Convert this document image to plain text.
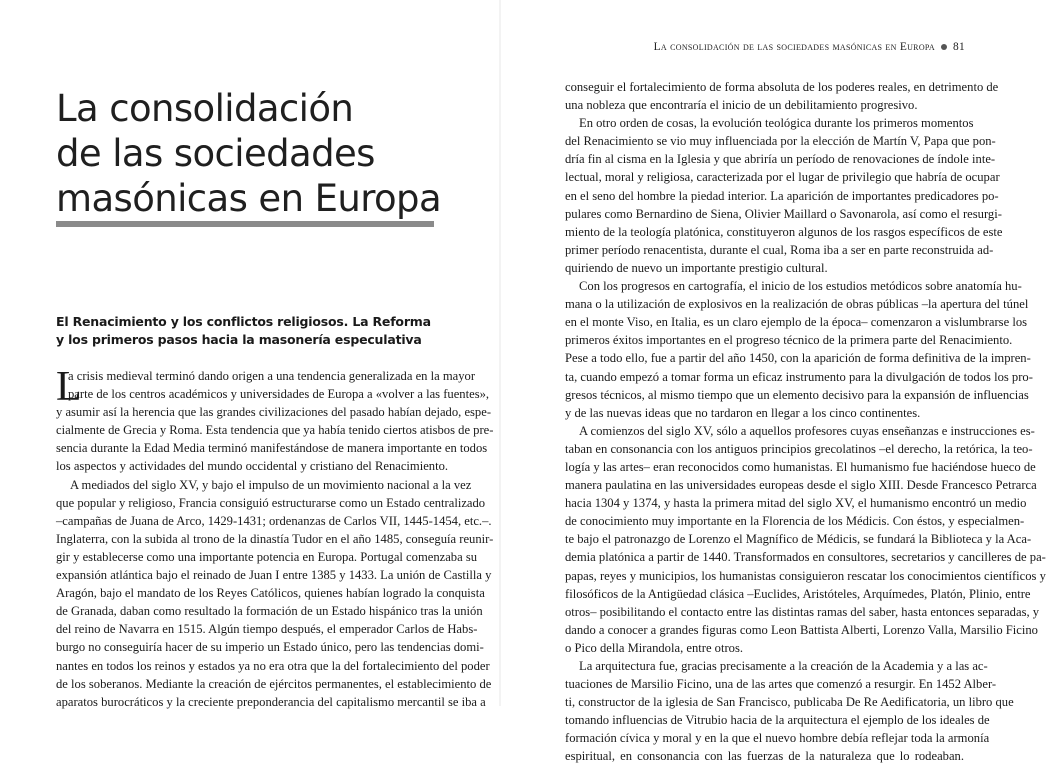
La consolidación de las sociedades masónicas en Europa 81
La consolidación
de las sociedades
masónicas en Europa
El Renacimiento y los conflictos religiosos. La Reforma
y los primeros pasos hacia la masonería especulativa
L
a crisis medieval terminó dando origen a una tendencia generalizada en la mayor
parte de los centros académicos y universidades de Europa a «volver a las fuentes»,
y asumir así la herencia que las grandes civilizaciones del pasado habían dejado, espe-
cialmente de Grecia y Roma. Esta tendencia que ya había tenido ciertos atisbos de pre-
sencia durante la Edad Media terminó manifestándose de manera importante en todos
los aspectos y actividades del mundo occidental y cristiano del Renacimiento.
A mediados del siglo XV, y bajo el impulso de un movimiento nacional a la vez
que popular y religioso, Francia consiguió estructurarse como un Estado centralizado
–campañas de Juana de Arco, 1429-1431; ordenanzas de Carlos VII, 1445-1454, etc.–.
Inglaterra, con la subida al trono de la dinastía Tudor en el año 1485, conseguía reunir-
gir y establecerse como una importante potencia en Europa. Portugal comenzaba su
expansión atlántica bajo el reinado de Juan I entre 1385 y 1433. La unión de Castilla y
Aragón, bajo el mandato de los Reyes Católicos, quienes habían logrado la conquista
de Granada, daban como resultado la formación de un Estado hispánico tras la unión
del reino de Navarra en 1515. Algún tiempo después, el emperador Carlos de Habs-
burgo no conseguiría hacer de su imperio un Estado único, pero las tendencias domi-
nantes en todos los reinos y estados ya no era otra que la del fortalecimiento del poder
de los soberanos. Mediante la creación de ejércitos permanentes, el establecimiento de
aparatos burocráticos y la creciente preponderancia del capitalismo mercantil se iba a
conseguir el fortalecimiento de forma absoluta de los poderes reales, en detrimento de
una nobleza que encontraría el inicio de un debilitamiento progresivo.
En otro orden de cosas, la evolución teológica durante los primeros momentos
del Renacimiento se vio muy influenciada por la elección de Martín V, Papa que pon-
dría fin al cisma en la Iglesia y que abriría un período de renovaciones de índole inte-
lectual, moral y religiosa, caracterizada por el lugar de privilegio que habría de ocupar
en el seno del hombre la piedad interior. La aparición de importantes predicadores po-
pulares como Bernardino de Siena, Olivier Maillard o Savonarola, así como el resurgi-
miento de la teología platónica, constituyeron algunos de los rasgos específicos de este
primer período renacentista, durante el cual, Roma iba a ser en parte reconstruida ad-
quiriendo de nuevo un importante prestigio cultural.
Con los progresos en cartografía, el inicio de los estudios metódicos sobre anatomía hu-
mana o la utilización de explosivos en la realización de obras públicas –la apertura del túnel
en el monte Viso, en Italia, es un claro ejemplo de la época– comenzaron a vislumbrarse los
primeros éxitos importantes en el progreso técnico de la primera parte del Renacimiento.
Pese a todo ello, fue a partir del año 1450, con la aparición de forma definitiva de la impren-
ta, cuando empezó a tomar forma un eficaz instrumento para la divulgación de todos los pro-
gresos técnicos, al mismo tiempo que un elemento decisivo para la expansión de influencias
y de las nuevas ideas que no tardaron en llegar a los cinco continentes.
A comienzos del siglo XV, sólo a aquellos profesores cuyas enseñanzas e instrucciones es-
taban en consonancia con los antiguos principios grecolatinos –el derecho, la retórica, la teo-
logía y las artes– eran reconocidos como humanistas. El humanismo fue haciéndose hueco de
manera paulatina en las universidades europeas desde el siglo XIII. Desde Francesco Petrarca
hacia 1304 y 1374, y hasta la primera mitad del siglo XV, el humanismo encontró un medio
de conocimiento muy importante en la Florencia de los Médicis. Con éstos, y especialmen-
te bajo el patronazgo de Lorenzo el Magnífico de Médicis, se fundará la Biblioteca y la Aca-
demia platónica a partir de 1440. Transformados en consultores, secretarios y cancilleres de pa-
papas, reyes y municipios, los humanistas consiguieron rescatar los conocimientos científicos y
filosóficos de la Antigüedad clásica –Euclides, Aristóteles, Arquímedes, Platón, Plinio, entre
otros– posibilitando el contacto entre las distintas ramas del saber, hasta entonces separadas, y
dando a conocer a grandes figuras como Leon Battista Alberti, Lorenzo Valla, Marsilio Ficino
o Pico della Mirandola, entre otros.
La arquitectura fue, gracias precisamente a la creación de la Academia y a las ac-
tuaciones de Marsilio Ficino, una de las artes que comenzó a resurgir. En 1452 Alber-
ti, constructor de la iglesia de San Francisco, publicaba De Re Aedificatoria, un libro que
tomando influencias de Vitrubio hacia de la arquitectura el ejemplo de los ideales de
formación cívica y moral y en la que el nuevo hombre debía reflejar toda la armonía
espiritual, en consonancia con las fuerzas de la naturaleza que lo rodeaban.
